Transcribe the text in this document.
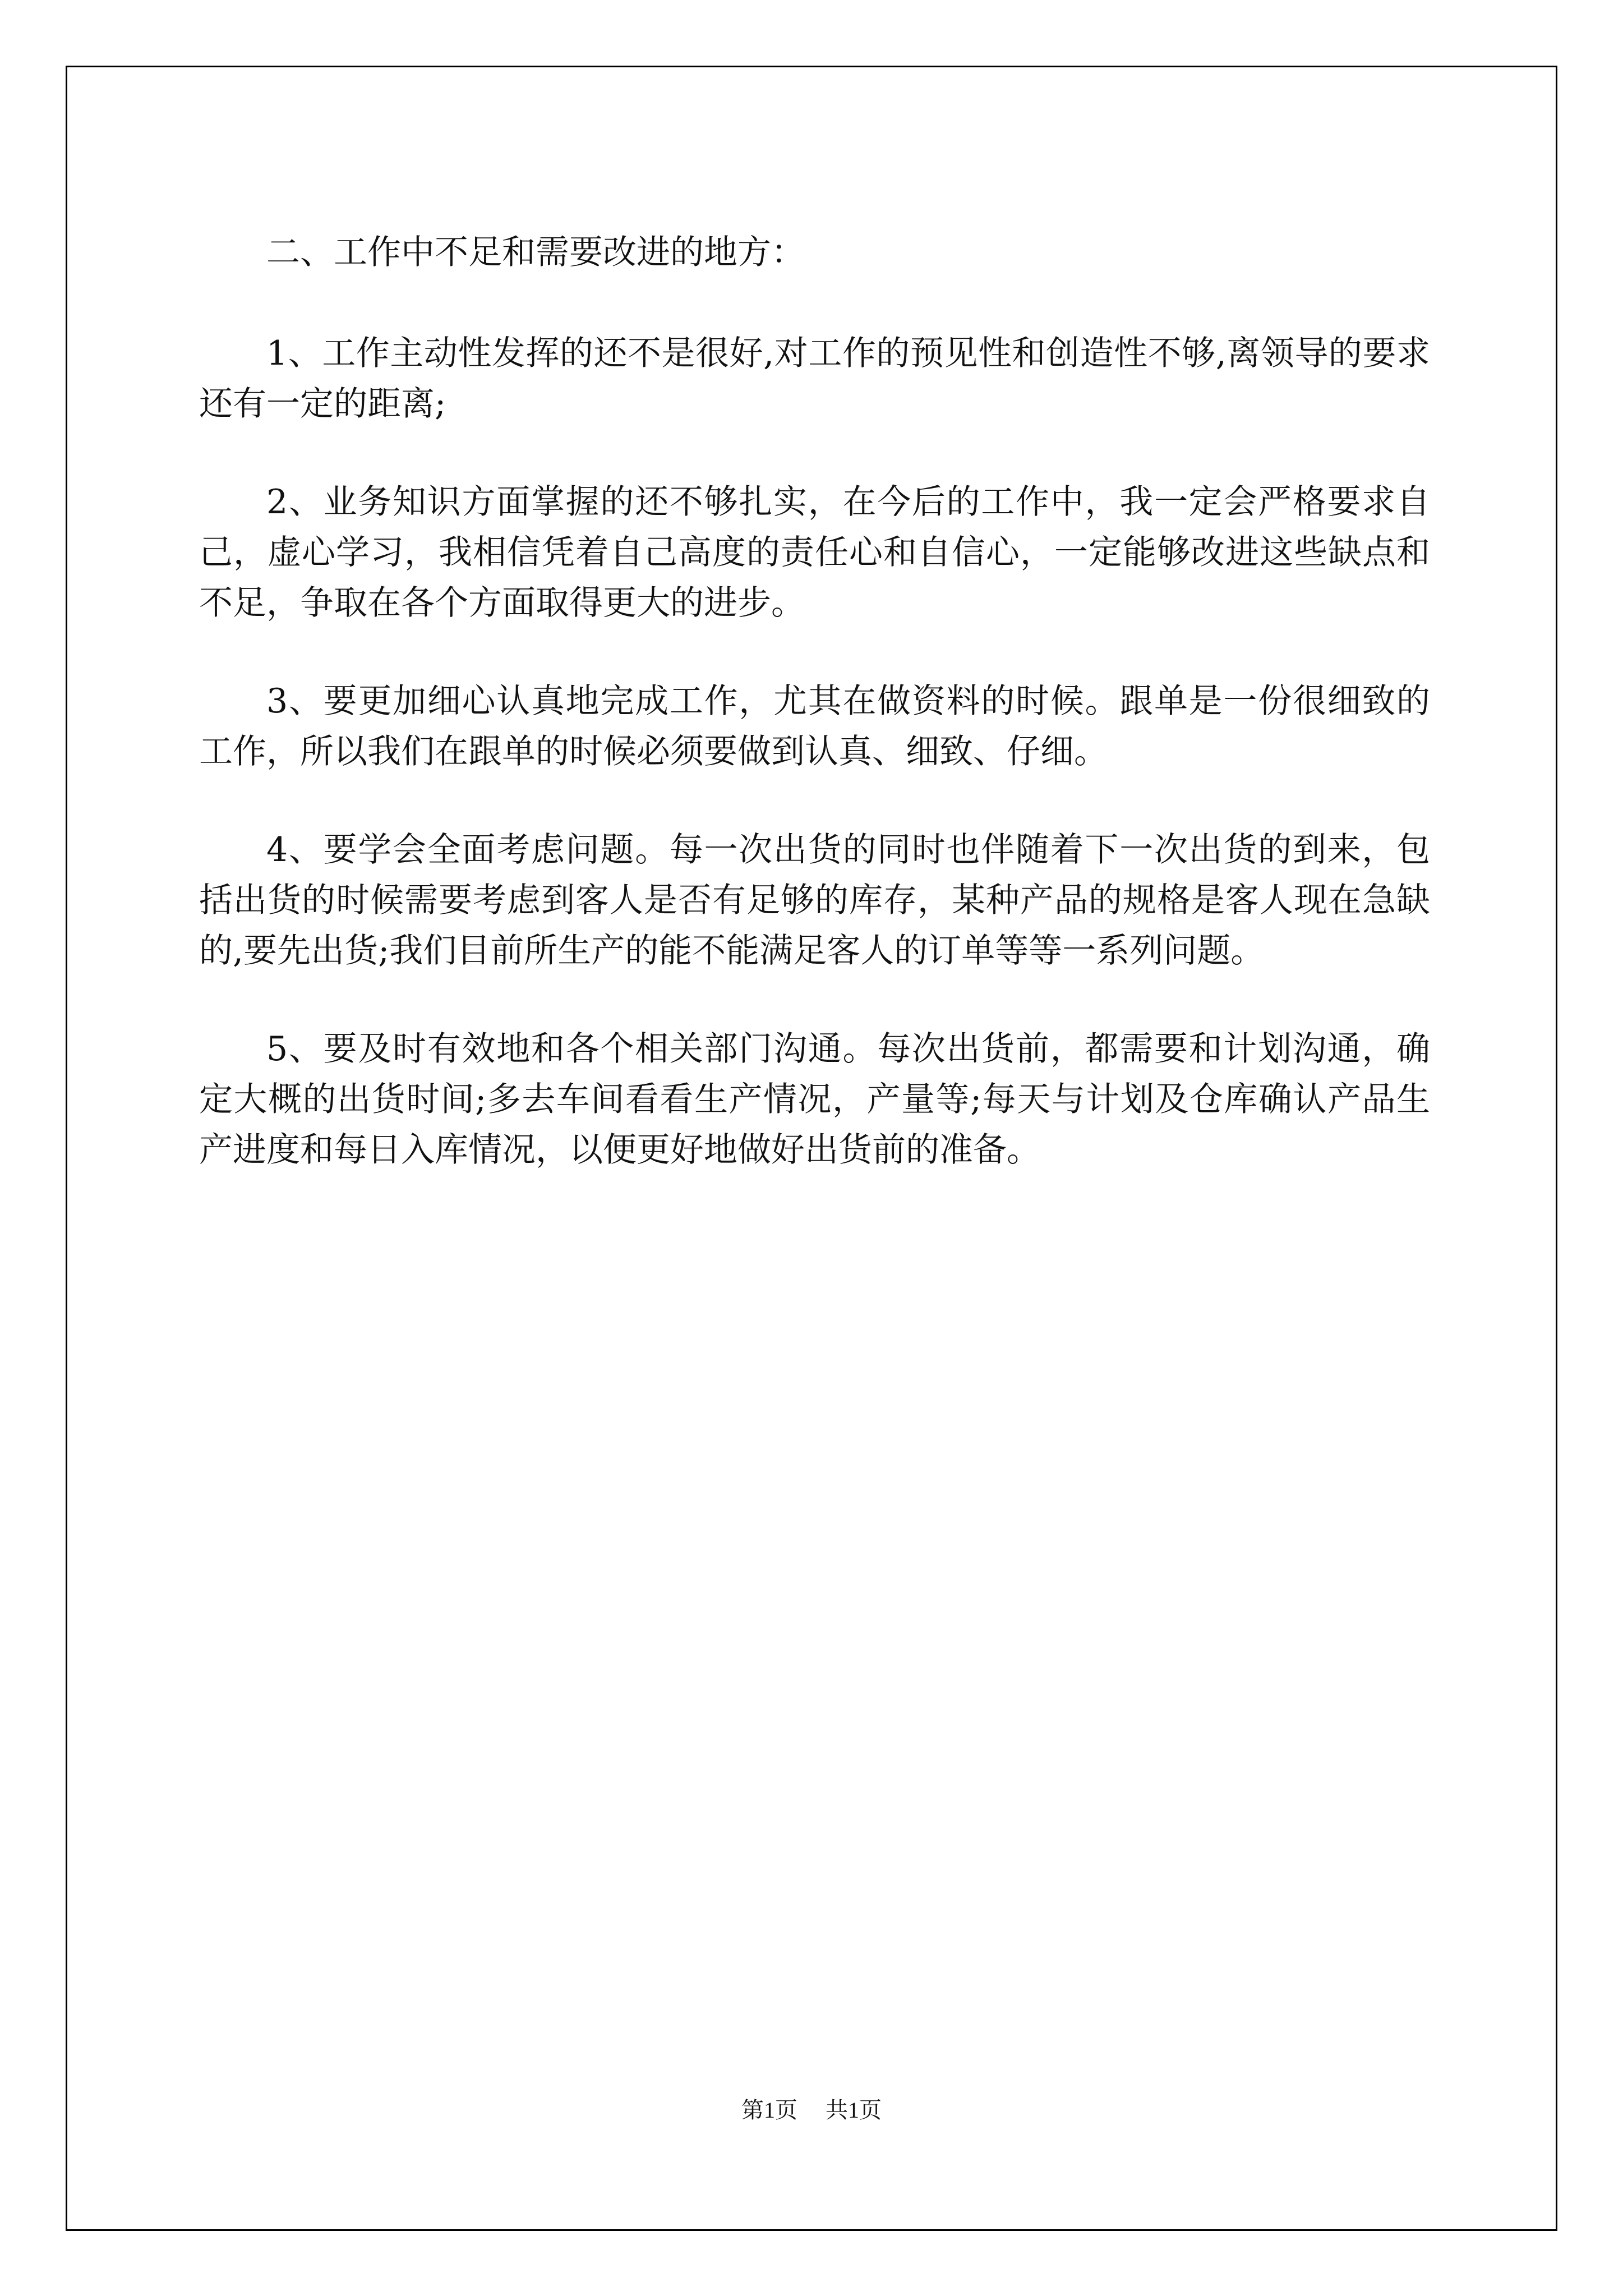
二、工作中不足和需要改进的地方：

1、工作主动性发挥的还不是很好,对工作的预见性和创造性不够,离领导的要求还有一定的距离;

2、业务知识方面掌握的还不够扎实，在今后的工作中，我一定会严格要求自己，虚心学习，我相信凭着自己高度的责任心和自信心，一定能够改进这些缺点和不足，争取在各个方面取得更大的进步。

3、要更加细心认真地完成工作，尤其在做资料的时候。跟单是一份很细致的工作，所以我们在跟单的时候必须要做到认真、细致、仔细。

4、要学会全面考虑问题。每一次出货的同时也伴随着下一次出货的到来，包括出货的时候需要考虑到客人是否有足够的库存，某种产品的规格是客人现在急缺的,要先出货;我们目前所生产的能不能满足客人的订单等等一系列问题。

5、要及时有效地和各个相关部门沟通。每次出货前，都需要和计划沟通，确定大概的出货时间;多去车间看看生产情况，产量等;每天与计划及仓库确认产品生产进度和每日入库情况，以便更好地做好出货前的准备。

第1页 共1页
